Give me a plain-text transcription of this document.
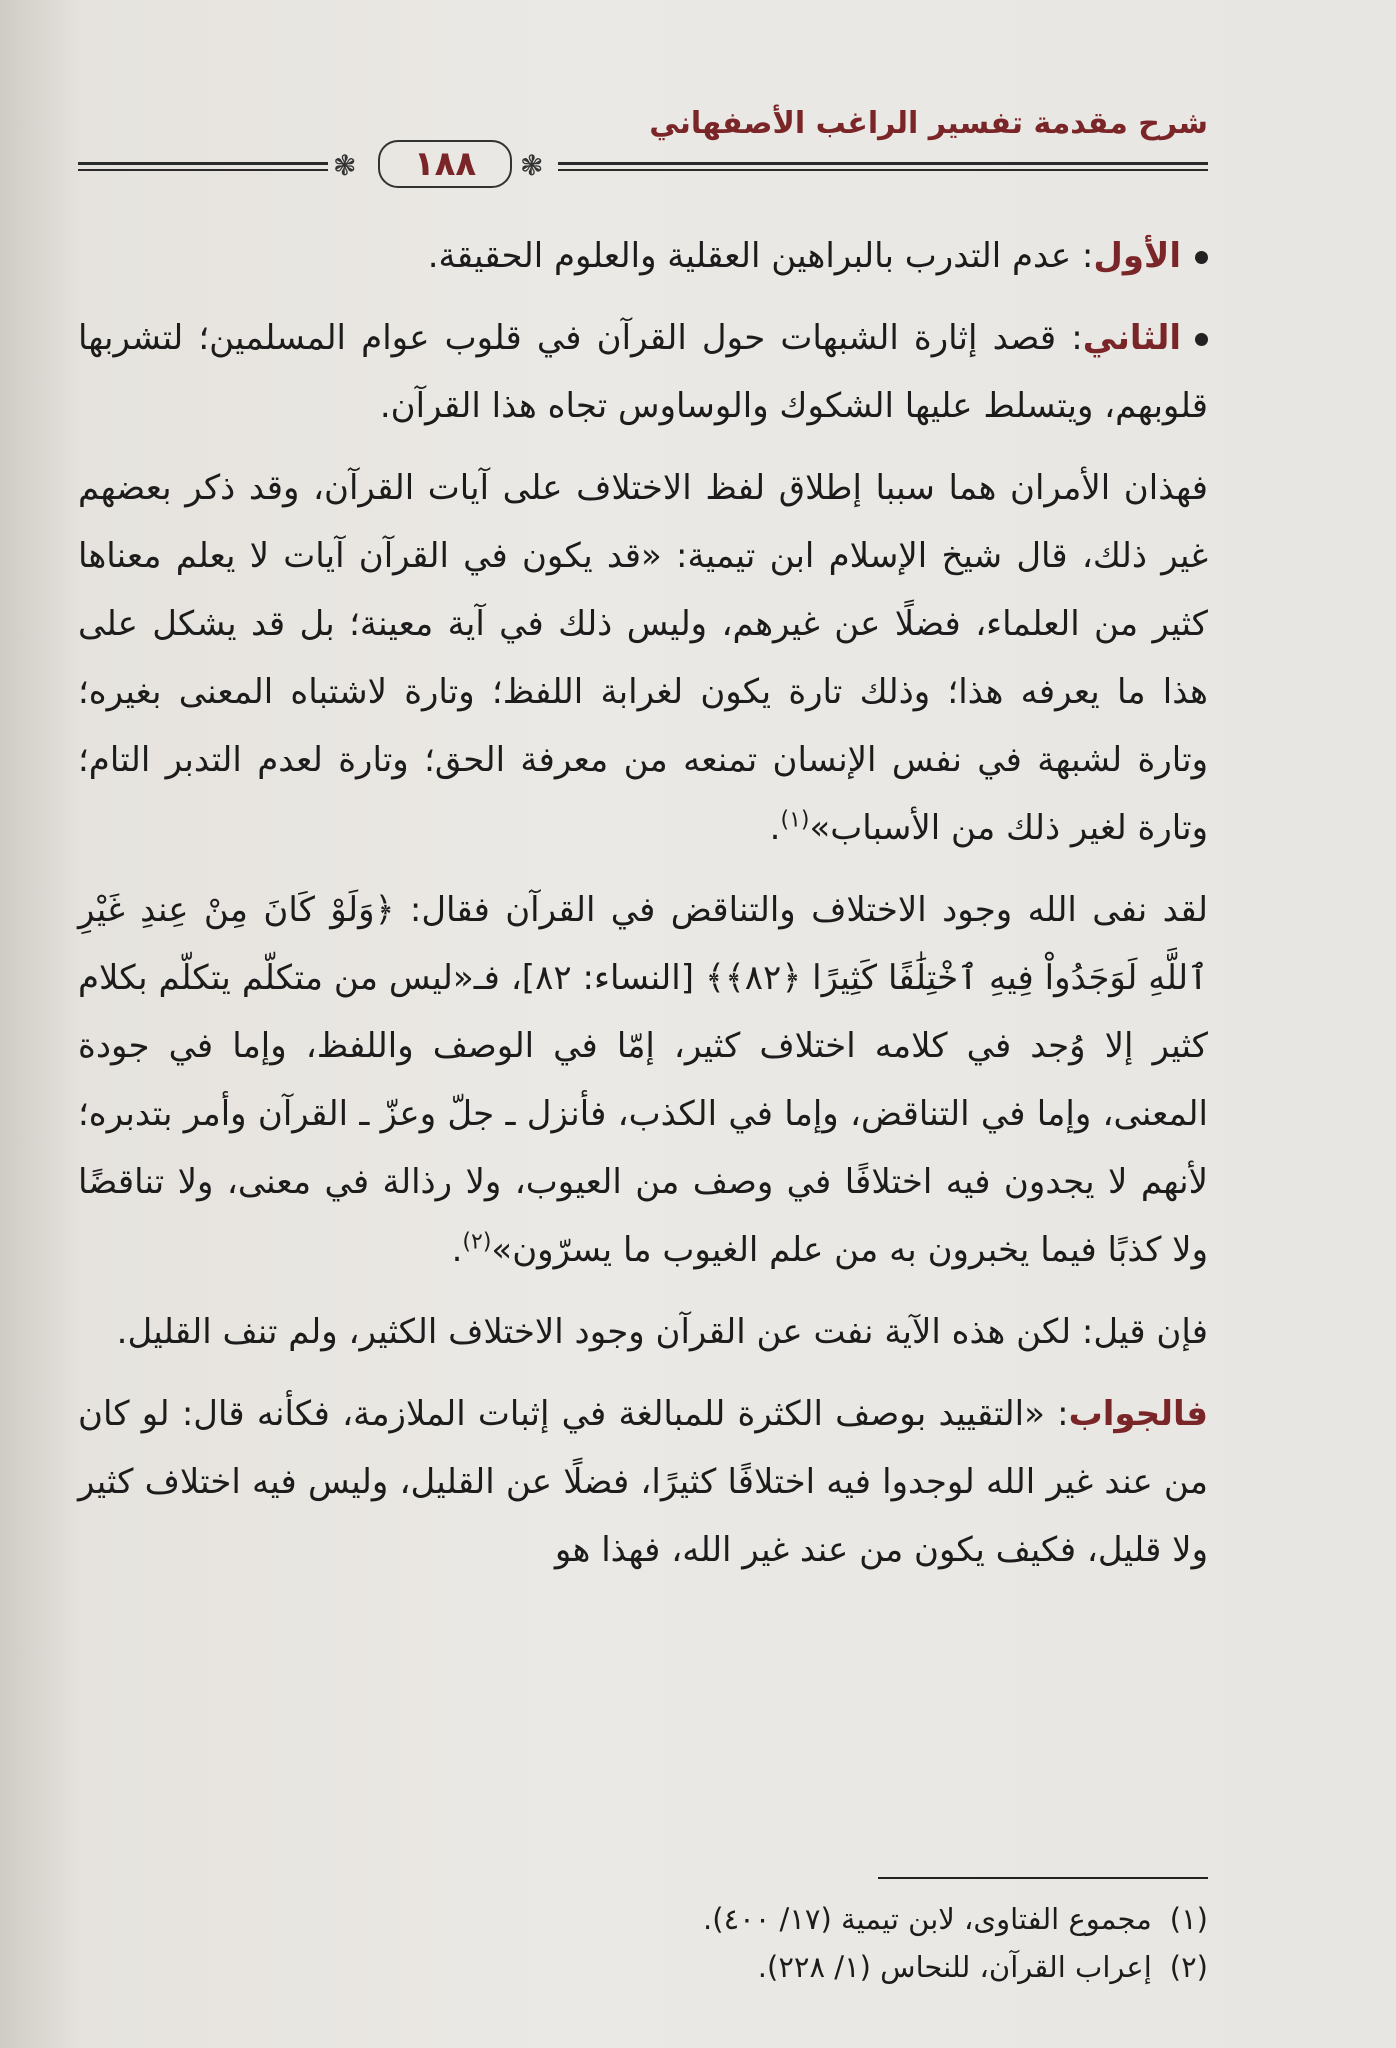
شرح مقدمة تفسير الراغب الأصفهاني
❃	١٨٨	❃

الأول: عدم التدرب بالبراهين العقلية والعلوم الحقيقة.

الثاني: قصد إثارة الشبهات حول القرآن في قلوب عوام المسلمين؛ لتشربها قلوبهم، ويتسلط عليها الشكوك والوساوس تجاه هذا القرآن.

فهذان الأمران هما سببا إطلاق لفظ الاختلاف على آيات القرآن، وقد ذكر بعضهم غير ذلك، قال شيخ الإسلام ابن تيمية: «قد يكون في القرآن آيات لا يعلم معناها كثير من العلماء، فضلًا عن غيرهم، وليس ذلك في آية معينة؛ بل قد يشكل على هذا ما يعرفه هذا؛ وذلك تارة يكون لغرابة اللفظ؛ وتارة لاشتباه المعنى بغيره؛ وتارة لشبهة في نفس الإنسان تمنعه من معرفة الحق؛ وتارة لعدم التدبر التام؛ وتارة لغير ذلك من الأسباب»$^{(١)}$.

لقد نفى الله وجود الاختلاف والتناقض في القرآن فقال: ﴿وَلَوْ كَانَ مِنْ عِندِ غَيْرِ ٱللَّهِ لَوَجَدُواْ فِيهِ ٱخْتِلَٰفًا كَثِيرًا ﴿٨٢﴾﴾ [النساء: ٨٢]، فـ«ليس من متكلّم يتكلّم بكلام كثير إلا وُجد في كلامه اختلاف كثير، إمّا في الوصف واللفظ، وإما في جودة المعنى، وإما في التناقض، وإما في الكذب، فأنزل ـ جلّ وعزّ ـ القرآن وأمر بتدبره؛ لأنهم لا يجدون فيه اختلافًا في وصف من العيوب، ولا رذالة في معنى، ولا تناقضًا ولا كذبًا فيما يخبرون به من علم الغيوب ما يسرّون»$^{(٢)}$.

فإن قيل: لكن هذه الآية نفت عن القرآن وجود الاختلاف الكثير، ولم تنف القليل.

فالجواب: «التقييد بوصف الكثرة للمبالغة في إثبات الملازمة، فكأنه قال: لو كان من عند غير الله لوجدوا فيه اختلافًا كثيرًا، فضلًا عن القليل، وليس فيه اختلاف كثير ولا قليل، فكيف يكون من عند غير الله، فهذا هو

(١)مجموع الفتاوى، لابن تيمية (١٧/ ٤٠٠).

(٢)إعراب القرآن، للنحاس (١/ ٢٢٨).
